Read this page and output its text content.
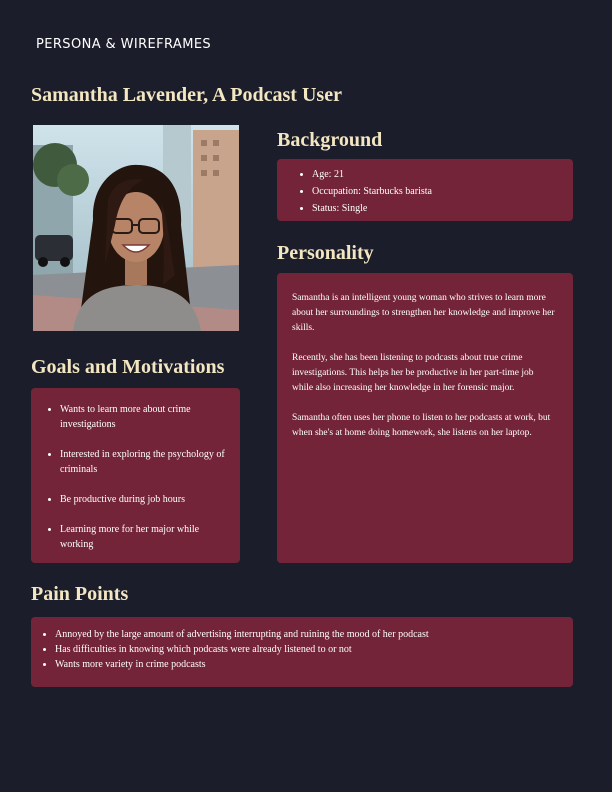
PERSONA & WIREFRAMES
Samantha Lavender, A Podcast User
Background
• Age: 21
• Occupation: Starbucks barista
• Status: Single
Personality

Samantha is an intelligent young woman who strives to learn more about her surroundings to strengthen her knowledge and improve her skills.

Recently, she has been listening to podcasts about true crime investigations. This helps her be productive in her part-time job while also increasing her knowledge in her forensic major.

Samantha often uses her phone to listen to her podcasts at work, but when she's at home doing homework, she listens on her laptop.

Goals and Motivations
• Wants to learn more about crime investigations
• Interested in exploring the psychology of criminals
• Be productive during job hours
• Learning more for her major while working
Pain Points
• Annoyed by the large amount of advertising interrupting and ruining the mood of her podcast
• Has difficulties in knowing which podcasts were already listened to or not
• Wants more variety in crime podcasts
